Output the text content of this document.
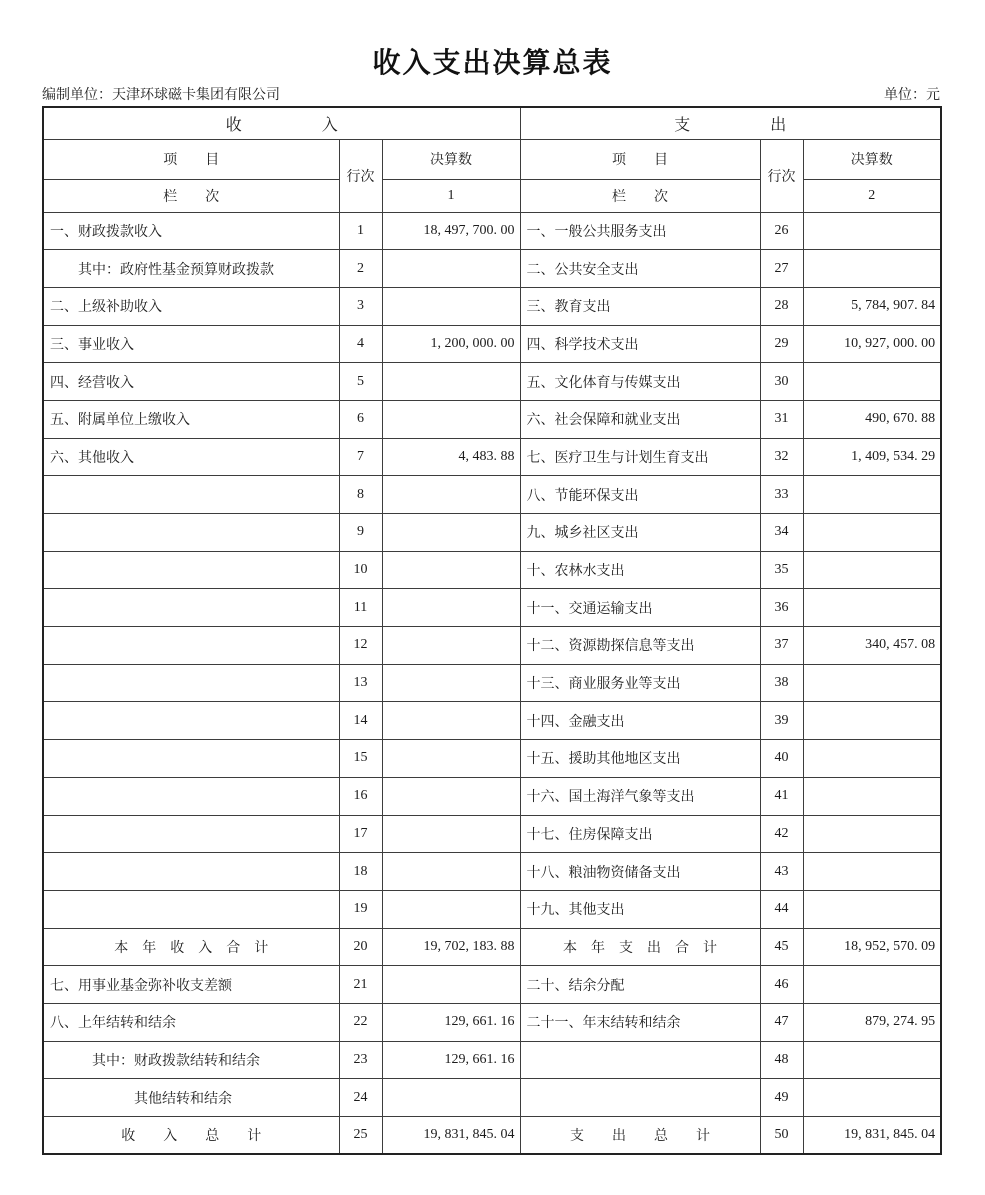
收入支出决算总表
编制单位：天津环球磁卡集团有限公司	单位：元
收　　　　　入			支　　　　　出		
项　　目	行次	决算数	项　　目	行次	决算数
栏　　次		1	栏　　次		2
一、财政拨款收入	1	18, 497, 700. 00	一、一般公共服务支出	26	
　　其中：政府性基金预算财政拨款	2		二、公共安全支出	27	
二、上级补助收入	3		三、教育支出	28	5, 784, 907. 84
三、事业收入	4	1, 200, 000. 00	四、科学技术支出	29	10, 927, 000. 00
四、经营收入	5		五、文化体育与传媒支出	30	
五、附属单位上缴收入	6		六、社会保障和就业支出	31	490, 670. 88
六、其他收入	7	4, 483. 88	七、医疗卫生与计划生育支出	32	1, 409, 534. 29
	8		八、节能环保支出	33	
	9		九、城乡社区支出	34	
	10		十、农林水支出	35	
	11		十一、交通运输支出	36	
	12		十二、资源勘探信息等支出	37	340, 457. 08
	13		十三、商业服务业等支出	38	
	14		十四、金融支出	39	
	15		十五、援助其他地区支出	40	
	16		十六、国土海洋气象等支出	41	
	17		十七、住房保障支出	42	
	18		十八、粮油物资储备支出	43	
	19		十九、其他支出	44	
本　年　收　入　合　计	20	19, 702, 183. 88	本　年　支　出　合　计	45	18, 952, 570. 09
七、用事业基金弥补收支差额	21		二十、结余分配	46	
八、上年结转和结余	22	129, 661. 16	二十一、年末结转和结余	47	879, 274. 95
　　　其中：财政拨款结转和结余	23	129, 661. 16		48	
　　　　　　其他结转和结余	24			49	
收　　入　　总　　计	25	19, 831, 845. 04	支　　出　　总　　计	50	19, 831, 845. 04
